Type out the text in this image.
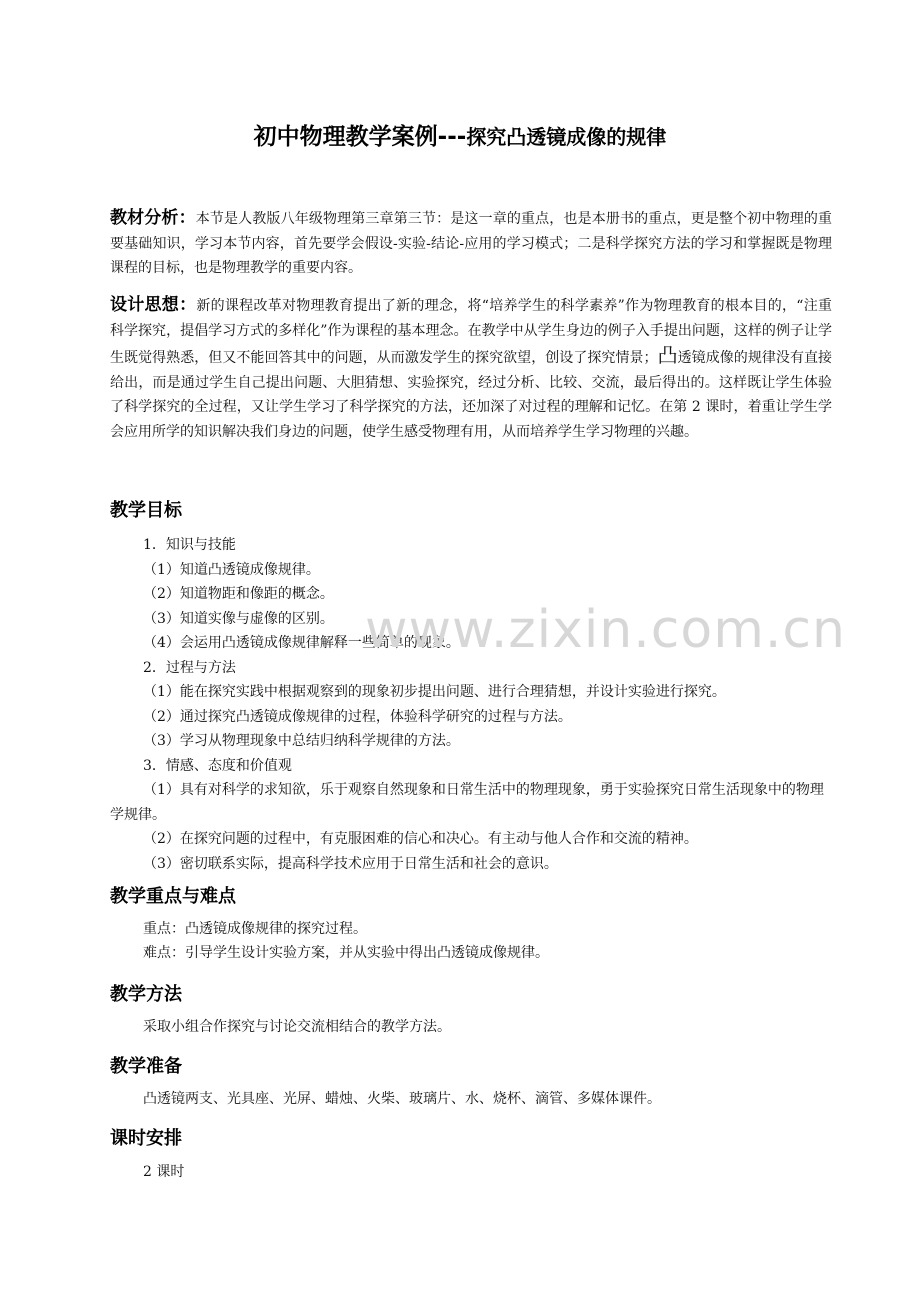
初中物理教学案例---探究凸透镜成像的规律
教材分析：本节是人教版八年级物理第三章第三节：是这一章的重点，也是本册书的重点，更是整个初中物理的重要基础知识，学习本节内容，首先要学会假设-实验-结论-应用的学习模式；二是科学探究方法的学习和掌握既是物理课程的目标，也是物理教学的重要内容。
设计思想：新的课程改革对物理教育提出了新的理念，将“培养学生的科学素养”作为物理教育的根本目的，“注重科学探究，提倡学习方式的多样化”作为课程的基本理念。在教学中从学生身边的例子入手提出问题，这样的例子让学生既觉得熟悉，但又不能回答其中的问题，从而激发学生的探究欲望，创设了探究情景；凸透镜成像的规律没有直接给出，而是通过学生自己提出问题、大胆猜想、实验探究，经过分析、比较、交流，最后得出的。这样既让学生体验了科学探究的全过程，又让学生学习了科学探究的方法，还加深了对过程的理解和记忆。在第 2 课时，着重让学生学会应用所学的知识解决我们身边的问题，使学生感受物理有用，从而培养学生学习物理的兴趣。
教学目标
1．知识与技能
（1）知道凸透镜成像规律。
（2）知道物距和像距的概念。
（3）知道实像与虚像的区别。
（4）会运用凸透镜成像规律解释一些简单的现象。
2．过程与方法
（1）能在探究实践中根据观察到的现象初步提出问题、进行合理猜想，并设计实验进行探究。
（2）通过探究凸透镜成像规律的过程，体验科学研究的过程与方法。
（3）学习从物理现象中总结归纳科学规律的方法。
3．情感、态度和价值观
（1）具有对科学的求知欲，乐于观察自然现象和日常生活中的物理现象，勇于实验探究日常生活现象中的物理学规律。
（2）在探究问题的过程中，有克服困难的信心和决心。有主动与他人合作和交流的精神。
（3）密切联系实际，提高科学技术应用于日常生活和社会的意识。
教学重点与难点
重点：凸透镜成像规律的探究过程。
难点：引导学生设计实验方案，并从实验中得出凸透镜成像规律。
教学方法
采取小组合作探究与讨论交流相结合的教学方法。
教学准备
凸透镜两支、光具座、光屏、蜡烛、火柴、玻璃片、水、烧杯、滴管、多媒体课件。
课时安排
2 课时
www.zixin.com.cn
